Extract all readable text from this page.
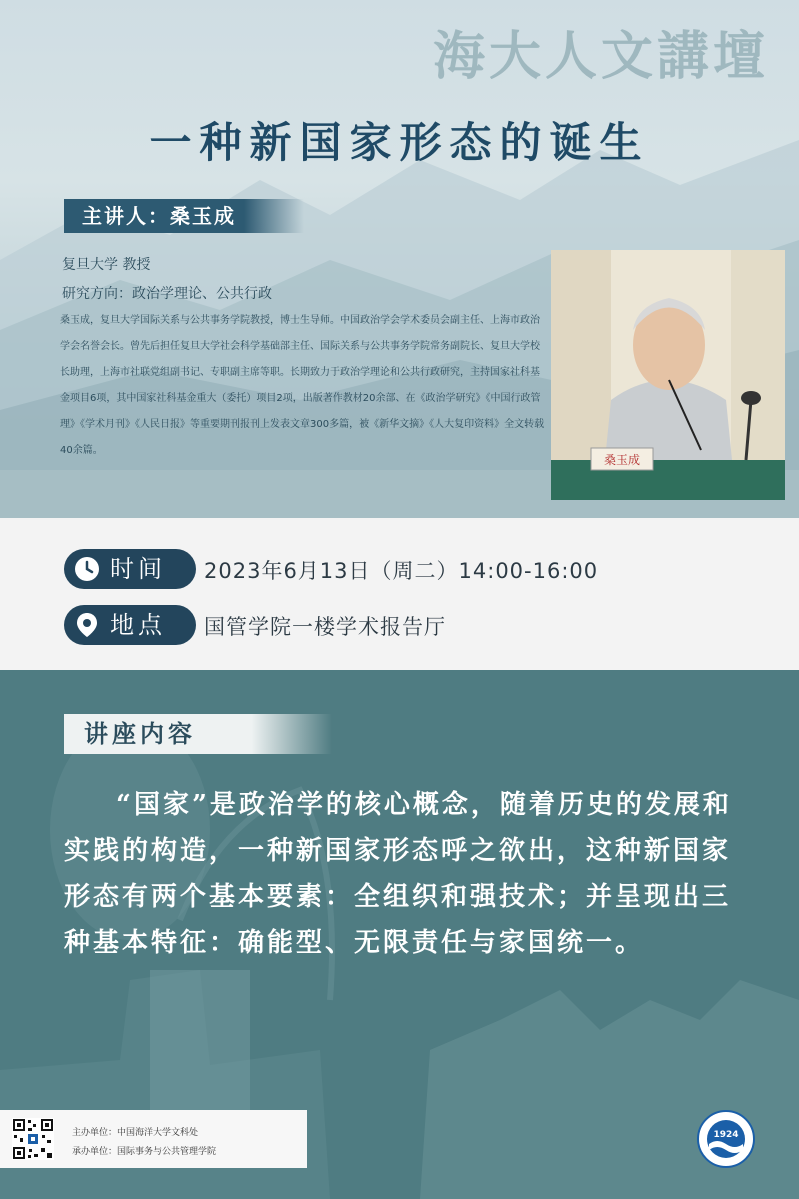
海大人文講壇
一种新国家形态的诞生
主讲人：桑玉成
复旦大学 教授
研究方向：政治学理论、公共行政
桑玉成，复旦大学国际关系与公共事务学院教授，博士生导师。中国政治学会学术委员会副主任、上海市政治学会名誉会长。曾先后担任复旦大学社会科学基础部主任、国际关系与公共事务学院常务副院长、复旦大学校长助理，上海市社联党组副书记、专职副主席等职。长期致力于政治学理论和公共行政研究，主持国家社科基金项目6项，其中国家社科基金重大（委托）项目2项，出版著作教材20余部、在《政治学研究》《中国行政管理》《学术月刊》《人民日报》等重要期刊报刊上发表文章300多篇，被《新华文摘》《人大复印资料》全文转载40余篇。
桑玉成
时间	2023年6月13日（周二）14:00-16:00
地点	国管学院一楼学术报告厅
讲座内容
“国家”是政治学的核心概念，随着历史的发展和实践的构造，一种新国家形态呼之欲出，这种新国家形态有两个基本要素：全组织和强技术；并呈现出三种基本特征：确能型、无限责任与家国统一。
主办单位：中国海洋大学文科处
承办单位：国际事务与公共管理学院
1924
